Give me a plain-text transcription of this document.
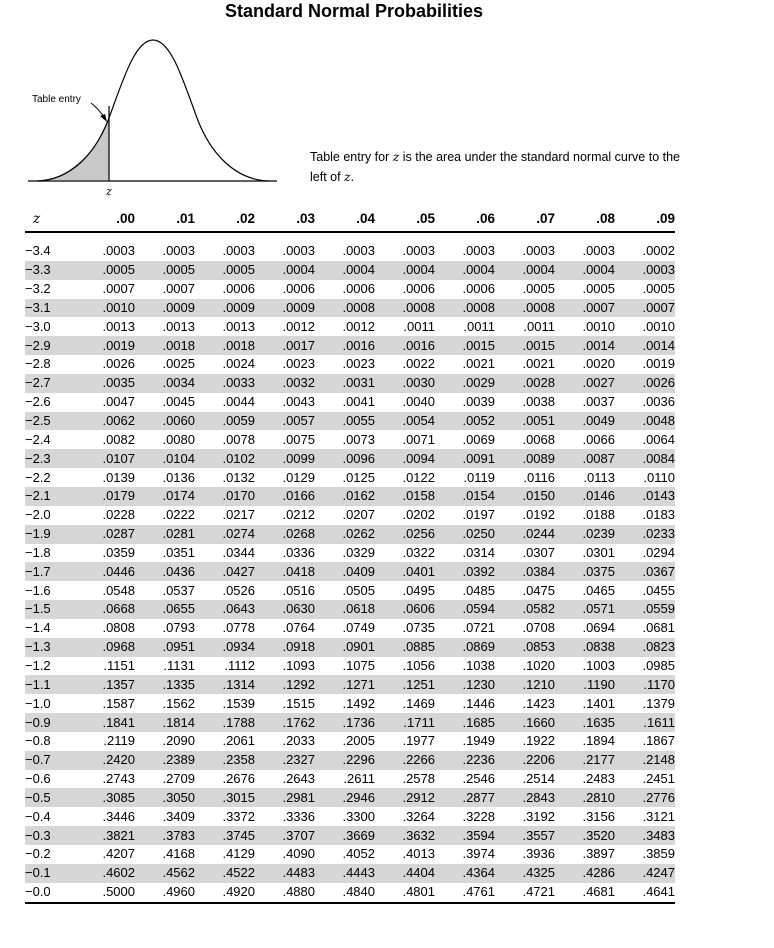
Standard Normal Probabilities
Table entry
z
Table entry for z is the area under the standard normal curve to the left of z.
z	.00	.01	.02	.03	.04	.05	.06	.07	.08	.09

−3.4	.0003	.0003	.0003	.0003	.0003	.0003	.0003	.0003	.0003	.0002
−3.3	.0005	.0005	.0005	.0004	.0004	.0004	.0004	.0004	.0004	.0003
−3.2	.0007	.0007	.0006	.0006	.0006	.0006	.0006	.0005	.0005	.0005
−3.1	.0010	.0009	.0009	.0009	.0008	.0008	.0008	.0008	.0007	.0007
−3.0	.0013	.0013	.0013	.0012	.0012	.0011	.0011	.0011	.0010	.0010
−2.9	.0019	.0018	.0018	.0017	.0016	.0016	.0015	.0015	.0014	.0014
−2.8	.0026	.0025	.0024	.0023	.0023	.0022	.0021	.0021	.0020	.0019
−2.7	.0035	.0034	.0033	.0032	.0031	.0030	.0029	.0028	.0027	.0026
−2.6	.0047	.0045	.0044	.0043	.0041	.0040	.0039	.0038	.0037	.0036
−2.5	.0062	.0060	.0059	.0057	.0055	.0054	.0052	.0051	.0049	.0048
−2.4	.0082	.0080	.0078	.0075	.0073	.0071	.0069	.0068	.0066	.0064
−2.3	.0107	.0104	.0102	.0099	.0096	.0094	.0091	.0089	.0087	.0084
−2.2	.0139	.0136	.0132	.0129	.0125	.0122	.0119	.0116	.0113	.0110
−2.1	.0179	.0174	.0170	.0166	.0162	.0158	.0154	.0150	.0146	.0143
−2.0	.0228	.0222	.0217	.0212	.0207	.0202	.0197	.0192	.0188	.0183
−1.9	.0287	.0281	.0274	.0268	.0262	.0256	.0250	.0244	.0239	.0233
−1.8	.0359	.0351	.0344	.0336	.0329	.0322	.0314	.0307	.0301	.0294
−1.7	.0446	.0436	.0427	.0418	.0409	.0401	.0392	.0384	.0375	.0367
−1.6	.0548	.0537	.0526	.0516	.0505	.0495	.0485	.0475	.0465	.0455
−1.5	.0668	.0655	.0643	.0630	.0618	.0606	.0594	.0582	.0571	.0559
−1.4	.0808	.0793	.0778	.0764	.0749	.0735	.0721	.0708	.0694	.0681
−1.3	.0968	.0951	.0934	.0918	.0901	.0885	.0869	.0853	.0838	.0823
−1.2	.1151	.1131	.1112	.1093	.1075	.1056	.1038	.1020	.1003	.0985
−1.1	.1357	.1335	.1314	.1292	.1271	.1251	.1230	.1210	.1190	.1170
−1.0	.1587	.1562	.1539	.1515	.1492	.1469	.1446	.1423	.1401	.1379
−0.9	.1841	.1814	.1788	.1762	.1736	.1711	.1685	.1660	.1635	.1611
−0.8	.2119	.2090	.2061	.2033	.2005	.1977	.1949	.1922	.1894	.1867
−0.7	.2420	.2389	.2358	.2327	.2296	.2266	.2236	.2206	.2177	.2148
−0.6	.2743	.2709	.2676	.2643	.2611	.2578	.2546	.2514	.2483	.2451
−0.5	.3085	.3050	.3015	.2981	.2946	.2912	.2877	.2843	.2810	.2776
−0.4	.3446	.3409	.3372	.3336	.3300	.3264	.3228	.3192	.3156	.3121
−0.3	.3821	.3783	.3745	.3707	.3669	.3632	.3594	.3557	.3520	.3483
−0.2	.4207	.4168	.4129	.4090	.4052	.4013	.3974	.3936	.3897	.3859
−0.1	.4602	.4562	.4522	.4483	.4443	.4404	.4364	.4325	.4286	.4247
−0.0	.5000	.4960	.4920	.4880	.4840	.4801	.4761	.4721	.4681	.4641
